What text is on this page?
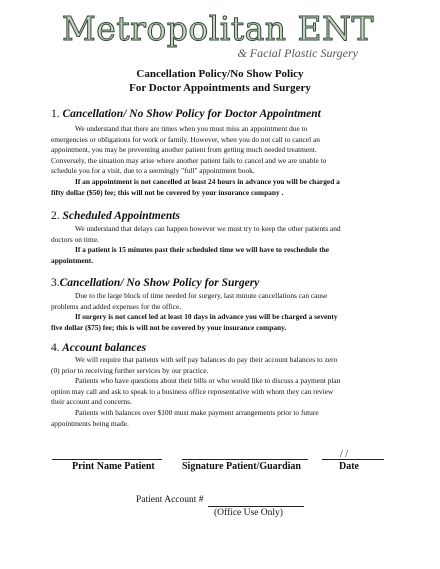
Metropolitan ENT
& Facial Plastic Surgery
Cancellation Policy/No Show Policy
For Doctor Appointments and Surgery
1. Cancellation/ No Show Policy for Doctor Appointment
We understand that there are times when you must miss an appointment due to
emergencies or obligations for work or family. However, when you do not call to cancel an
appointment, you may be preventing another patient from getting much needed treatment.
Conversely, the situation may arise where another patient fails to cancel and we are unable to
schedule you for a visit, due to a seemingly "full" appointment book.
If an appointment is not cancelled at least 24 hours in advance you will be charged a
fifty dollar ($50) fee; this will not be covered by your insurance company .
2. Scheduled Appointments
We understand that delays can happen however we must try to keep the other patients and
doctors on time.
If a patient is 15 minutes past their scheduled time we will have to reschedule the
appointment.
3.Cancellation/ No Show Policy for Surgery
Due to the large block of time needed for surgery, last minute cancellations can cause
problems and added expenses for the office.
If surgery is not cancel led at least 10 days in advance you will be charged a seventy
five dollar ($75) fee; this is will not be covered by your insurance company.
4. Account balances
We will require that patients with self pay balances do pay their account balances to zero
(0) prior to receiving further services by our practice.
Patients who have questions about their bills or who would like to discuss a payment plan
option may call and ask to speak to a business office representative with whom they can review
their account and concerns.
Patients with balances over $100 must make payment arrangements prior to future
appointments being made.
/ /
Print Name Patient	Signature Patient/Guardian	Date
Patient Account #
(Office Use Only)
